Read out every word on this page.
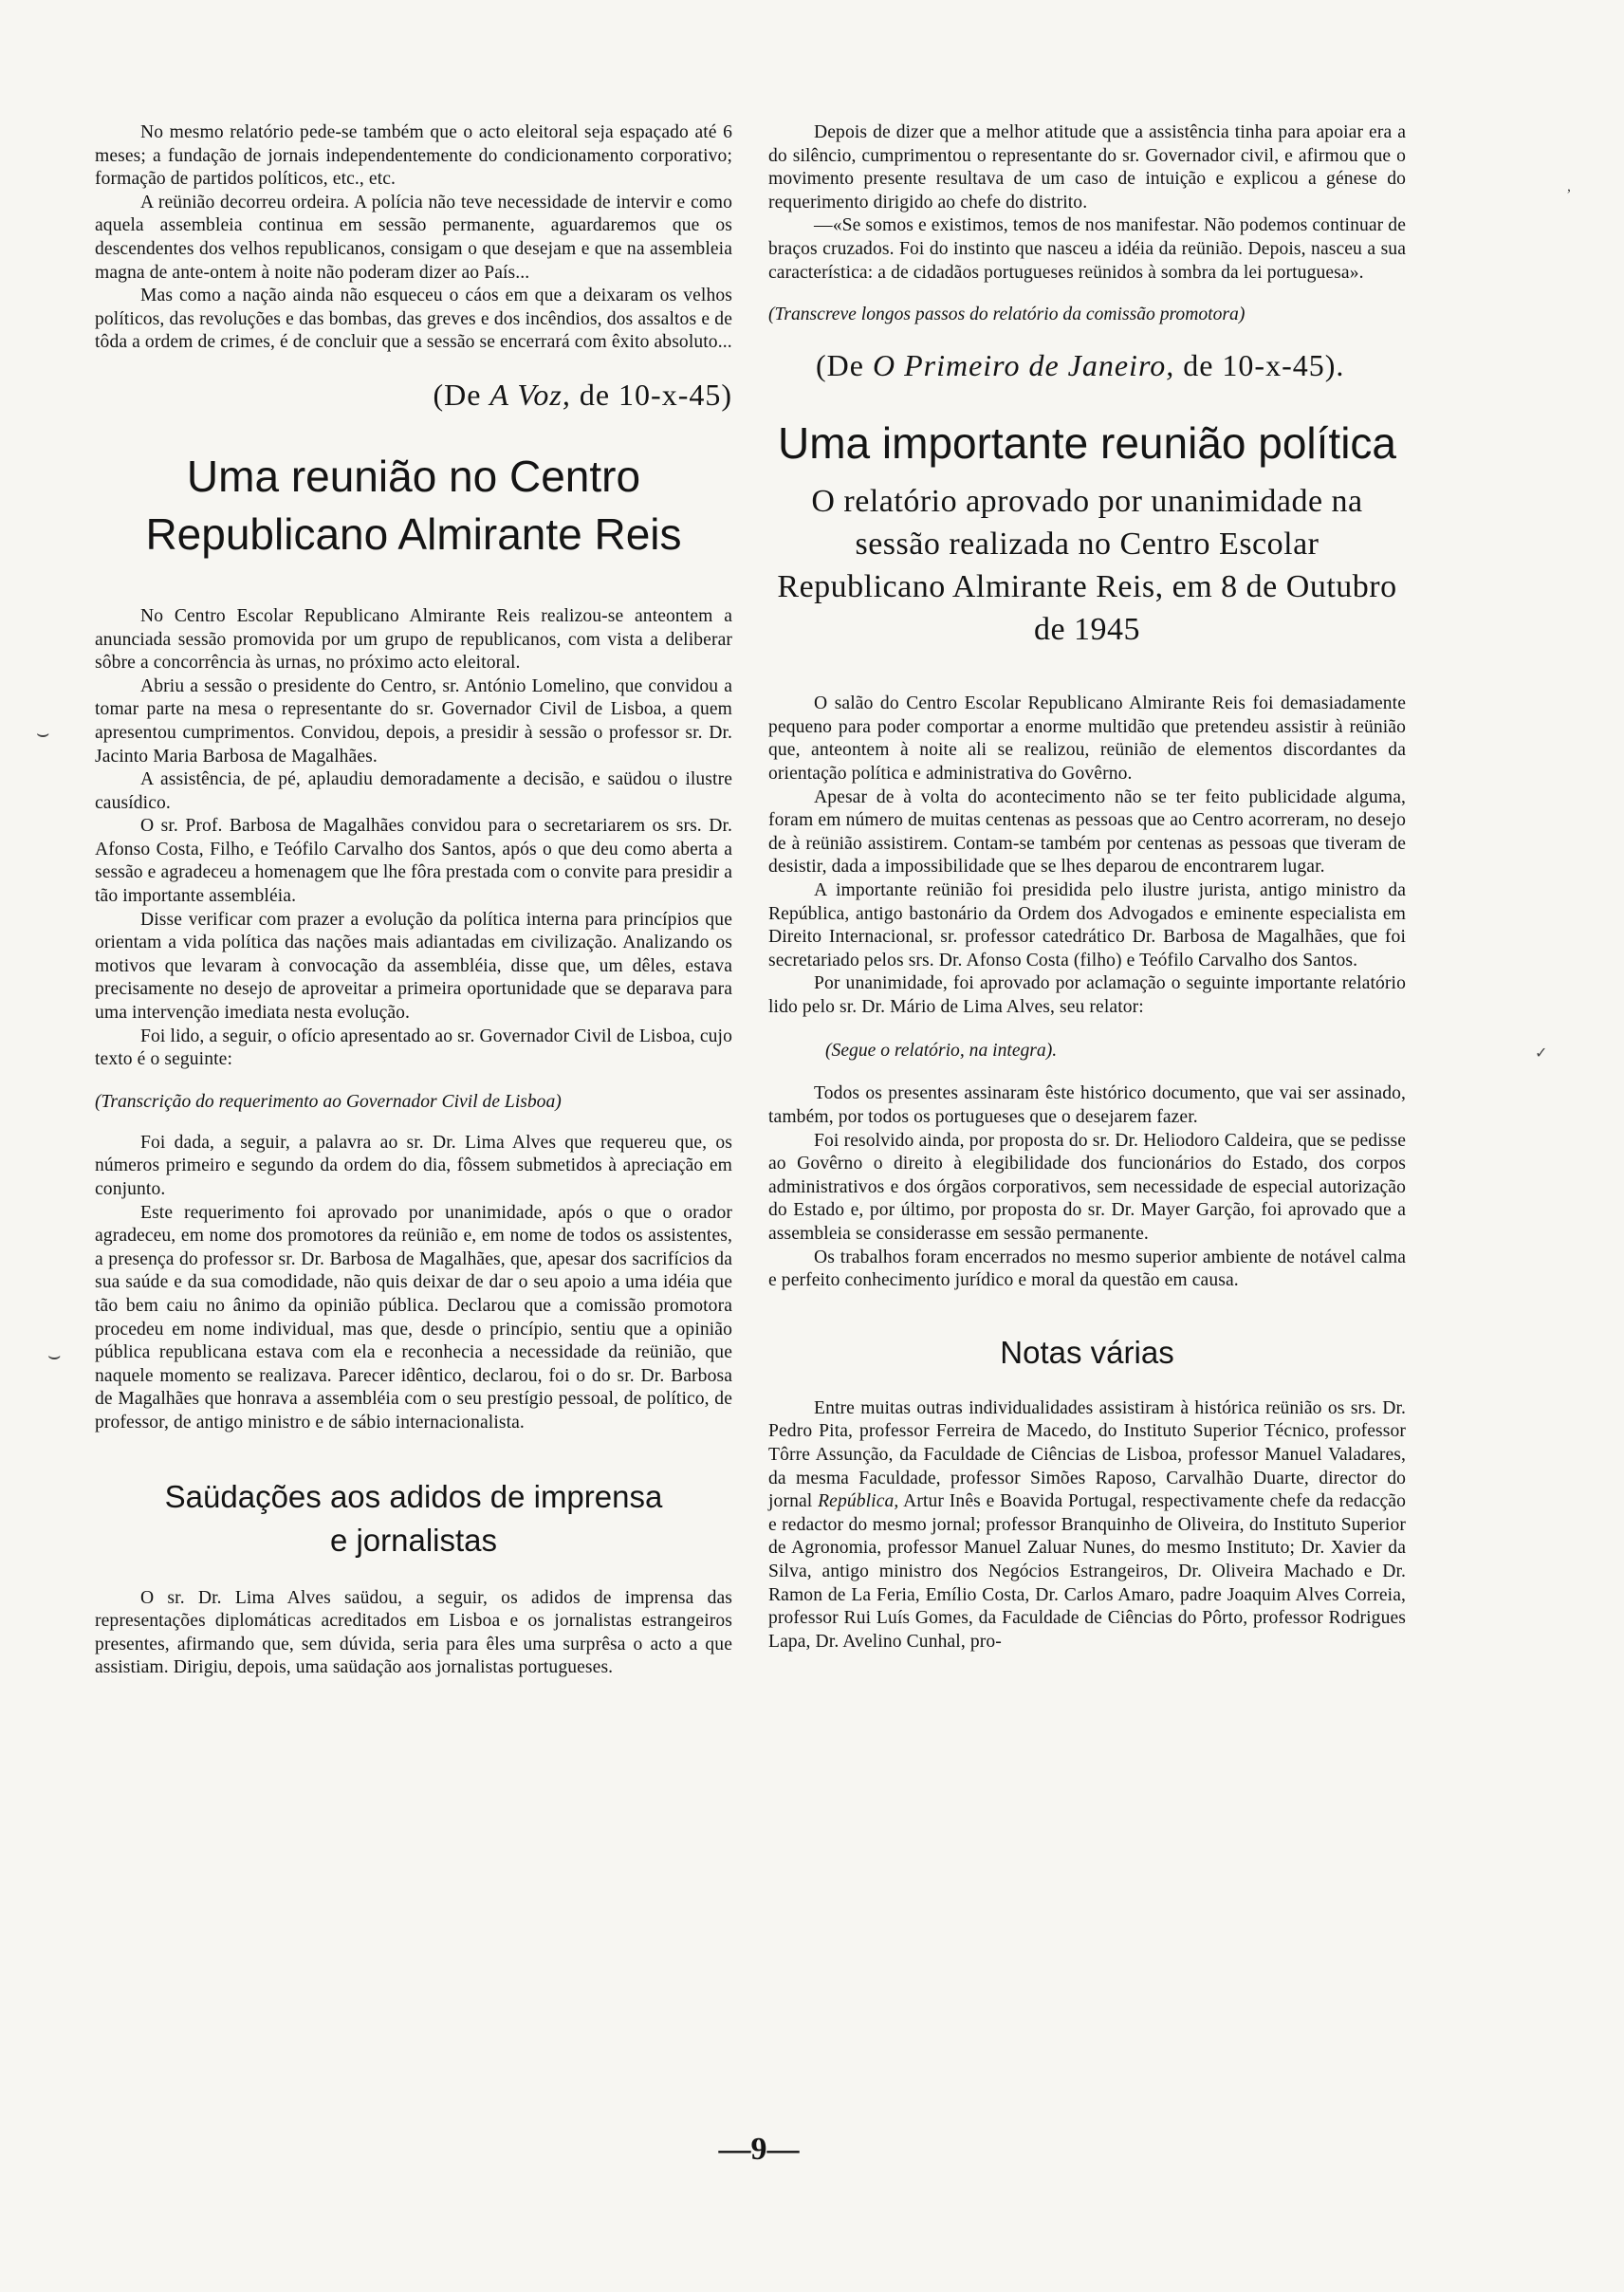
No mesmo relatório pede-se também que o acto eleitoral seja espaçado até 6 meses; a fundação de jornais independentemente do condicionamento corporativo; formação de partidos políticos, etc., etc.

A reünião decorreu ordeira. A polícia não teve necessidade de intervir e como aquela assembleia continua em sessão permanente, aguardaremos que os descendentes dos velhos republicanos, consigam o que desejam e que na assembleia magna de ante-ontem à noite não poderam dizer ao País...

Mas como a nação ainda não esqueceu o cáos em que a deixaram os velhos políticos, das revoluções e das bombas, das greves e dos incêndios, dos assaltos e de tôda a ordem de crimes, é de concluir que a sessão se encerrará com êxito absoluto...

(De A Voz, de 10-x-45)

Uma reunião no Centro Republicano Almirante Reis

No Centro Escolar Republicano Almirante Reis realizou-se anteontem a anunciada sessão promovida por um grupo de republicanos, com vista a deliberar sôbre a concorrência às urnas, no próximo acto eleitoral.

Abriu a sessão o presidente do Centro, sr. António Lomelino, que convidou a tomar parte na mesa o representante do sr. Governador Civil de Lisboa, a quem apresentou cumprimentos. Convidou, depois, a presidir à sessão o professor sr. Dr. Jacinto Maria Barbosa de Magalhães.

A assistência, de pé, aplaudiu demoradamente a decisão, e saüdou o ilustre causídico.

O sr. Prof. Barbosa de Magalhães convidou para o secretariarem os srs. Dr. Afonso Costa, Filho, e Teófilo Carvalho dos Santos, após o que deu como aberta a sessão e agradeceu a homenagem que lhe fôra prestada com o convite para presidir a tão importante assembléia.

Disse verificar com prazer a evolução da política interna para princípios que orientam a vida política das nações mais adiantadas em civilização. Analizando os motivos que levaram à convocação da assembléia, disse que, um dêles, estava precisamente no desejo de aproveitar a primeira oportunidade que se deparava para uma intervenção imediata nesta evolução.

Foi lido, a seguir, o ofício apresentado ao sr. Governador Civil de Lisboa, cujo texto é o seguinte:

(Transcrição do requerimento ao Governador Civil de Lisboa)

Foi dada, a seguir, a palavra ao sr. Dr. Lima Alves que requereu que, os números primeiro e segundo da ordem do dia, fôssem submetidos à apreciação em conjunto.

Este requerimento foi aprovado por unanimidade, após o que o orador agradeceu, em nome dos promotores da reünião e, em nome de todos os assistentes, a presença do professor sr. Dr. Barbosa de Magalhães, que, apesar dos sacrifícios da sua saúde e da sua comodidade, não quis deixar de dar o seu apoio a uma idéia que tão bem caiu no ânimo da opinião pública. Declarou que a comissão promotora procedeu em nome individual, mas que, desde o princípio, sentiu que a opinião pública republicana estava com ela e reconhecia a necessidade da reünião, que naquele momento se realizava. Parecer idêntico, declarou, foi o do sr. Dr. Barbosa de Magalhães que honrava a assembléia com o seu prestígio pessoal, de político, de professor, de antigo ministro e de sábio internacionalista.

Saüdações aos adidos de imprensa e jornalistas

O sr. Dr. Lima Alves saüdou, a seguir, os adidos de imprensa das representações diplomáticas acreditados em Lisboa e os jornalistas estrangeiros presentes, afirmando que, sem dúvida, seria para êles uma surprêsa o acto a que assistiam. Dirigiu, depois, uma saüdação aos jornalistas portugueses.

Depois de dizer que a melhor atitude que a assistência tinha para apoiar era a do silêncio, cumprimentou o representante do sr. Governador civil, e afirmou que o movimento presente resultava de um caso de intuição e explicou a génese do requerimento dirigido ao chefe do distrito.

—«Se somos e existimos, temos de nos manifestar. Não podemos continuar de braços cruzados. Foi do instinto que nasceu a idéia da reünião. Depois, nasceu a sua característica: a de cidadãos portugueses reünidos à sombra da lei portuguesa».

(Transcreve longos passos do relatório da comissão promotora)

(De O Primeiro de Janeiro, de 10-x-45).

Uma importante reunião política

O relatório aprovado por unanimidade na sessão realizada no Centro Escolar Republicano Almirante Reis, em 8 de Outubro de 1945

O salão do Centro Escolar Republicano Almirante Reis foi demasiadamente pequeno para poder comportar a enorme multidão que pretendeu assistir à reünião que, anteontem à noite ali se realizou, reünião de elementos discordantes da orientação política e administrativa do Govêrno.

Apesar de à volta do acontecimento não se ter feito publicidade alguma, foram em número de muitas centenas as pessoas que ao Centro acorreram, no desejo de à reünião assistirem. Contam-se também por centenas as pessoas que tiveram de desistir, dada a impossibilidade que se lhes deparou de encontrarem lugar.

A importante reünião foi presidida pelo ilustre jurista, antigo ministro da República, antigo bastonário da Ordem dos Advogados e eminente especialista em Direito Internacional, sr. professor catedrático Dr. Barbosa de Magalhães, que foi secretariado pelos srs. Dr. Afonso Costa (filho) e Teófilo Carvalho dos Santos.

Por unanimidade, foi aprovado por aclamação o seguinte importante relatório lido pelo sr. Dr. Mário de Lima Alves, seu relator:

(Segue o relatório, na integra).

Todos os presentes assinaram êste histórico documento, que vai ser assinado, também, por todos os portugueses que o desejarem fazer.

Foi resolvido ainda, por proposta do sr. Dr. Heliodoro Caldeira, que se pedisse ao Govêrno o direito à elegibilidade dos funcionários do Estado, dos corpos administrativos e dos órgãos corporativos, sem necessidade de especial autorização do Estado e, por último, por proposta do sr. Dr. Mayer Garção, foi aprovado que a assembleia se considerasse em sessão permanente.

Os trabalhos foram encerrados no mesmo superior ambiente de notável calma e perfeito conhecimento jurídico e moral da questão em causa.

Notas várias

Entre muitas outras individualidades assistiram à histórica reünião os srs. Dr. Pedro Pita, professor Ferreira de Macedo, do Instituto Superior Técnico, professor Tôrre Assunção, da Faculdade de Ciências de Lisboa, professor Manuel Valadares, da mesma Faculdade, professor Simões Raposo, Carvalhão Duarte, director do jornal República, Artur Inês e Boavida Portugal, respectivamente chefe da redacção e redactor do mesmo jornal; professor Branquinho de Oliveira, do Instituto Superior de Agronomia, professor Manuel Zaluar Nunes, do mesmo Instituto; Dr. Xavier da Silva, antigo ministro dos Negócios Estrangeiros, Dr. Oliveira Machado e Dr. Ramon de La Feria, Emílio Costa, Dr. Carlos Amaro, padre Joaquim Alves Correia, professor Rui Luís Gomes, da Faculdade de Ciências do Pôrto, professor Rodrigues Lapa, Dr. Avelino Cunhal, pro-

—9—
⌣
⌣
,
✓
